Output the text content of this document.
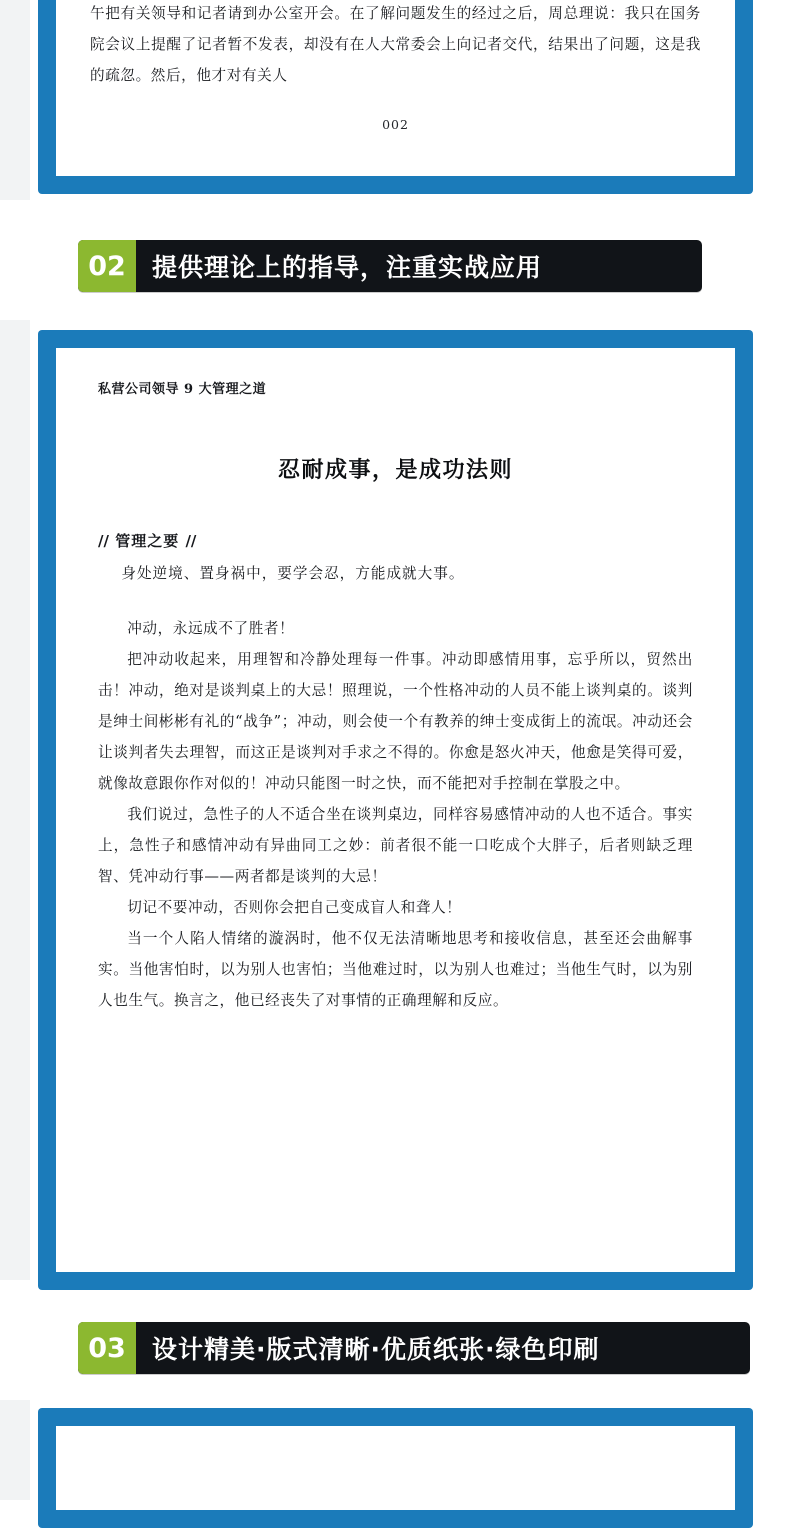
午把有关领导和记者请到办公室开会。在了解问题发生的经过之后，周总理说：我只在国务院会议上提醒了记者暂不发表，却没有在人大常委会上向记者交代，结果出了问题，这是我的疏忽。然后，他才对有关人

002
02	提供理论上的指导，注重实战应用
私营公司领导 9 大管理之道
忍耐成事，是成功法则
// 管理之要 //
身处逆境、置身祸中，要学会忍，方能成就大事。

冲动，永远成不了胜者！

把冲动收起来，用理智和冷静处理每一件事。冲动即感情用事，忘乎所以，贸然出击！冲动，绝对是谈判桌上的大忌！照理说，一个性格冲动的人员不能上谈判桌的。谈判是绅士间彬彬有礼的“战争”；冲动，则会使一个有教养的绅士变成街上的流氓。冲动还会让谈判者失去理智，而这正是谈判对手求之不得的。你愈是怒火冲天，他愈是笑得可爱，就像故意跟你作对似的！冲动只能图一时之快，而不能把对手控制在掌股之中。

我们说过，急性子的人不适合坐在谈判桌边，同样容易感情冲动的人也不适合。事实上，急性子和感情冲动有异曲同工之妙：前者很不能一口吃成个大胖子，后者则缺乏理智、凭冲动行事——两者都是谈判的大忌！

切记不要冲动，否则你会把自己变成盲人和聋人！

当一个人陷人情绪的漩涡时，他不仅无法清晰地思考和接收信息，甚至还会曲解事实。当他害怕时，以为别人也害怕；当他难过时，以为别人也难过；当他生气时，以为别人也生气。换言之，他已经丧失了对事情的正确理解和反应。

03	设计精美·版式清晰·优质纸张·绿色印刷
